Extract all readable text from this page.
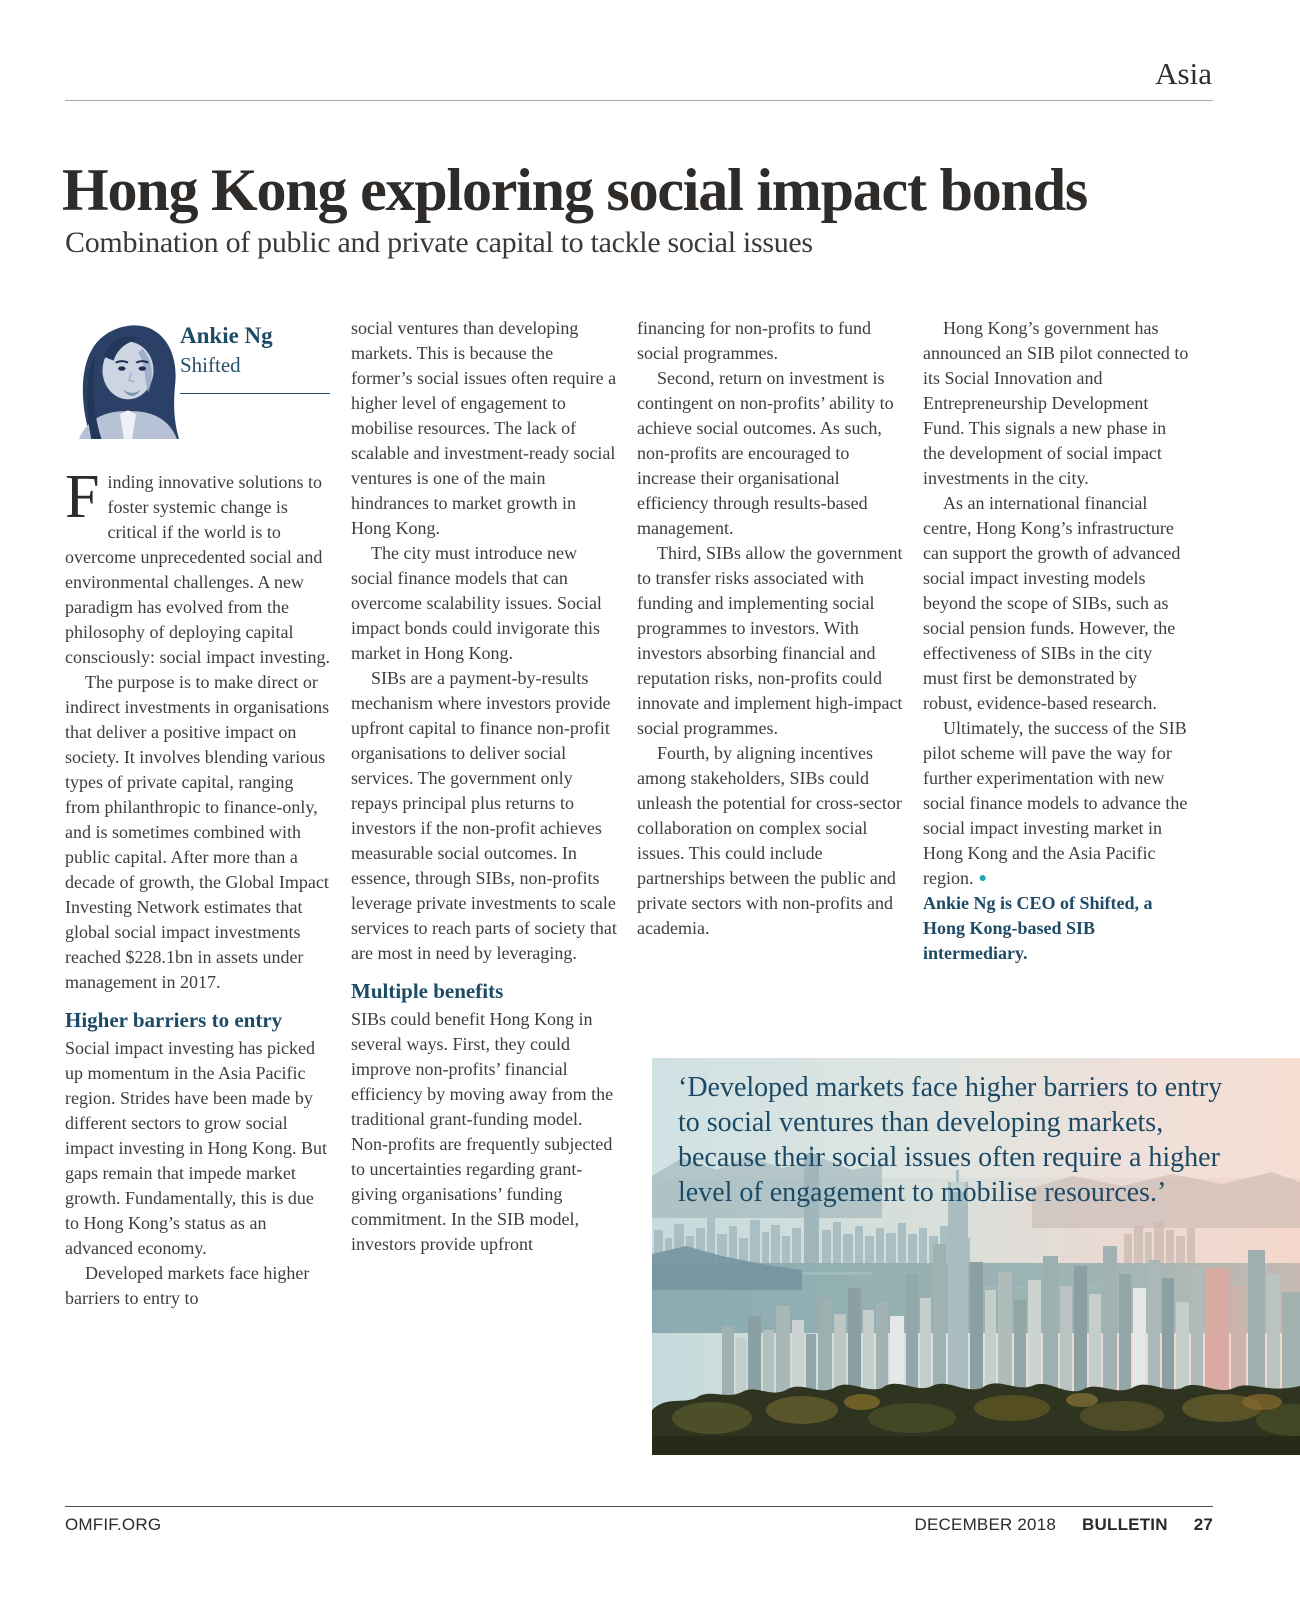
Asia
Hong Kong exploring social impact bonds
Combination of public and private capital to tackle social issues
Ankie Ng
Shifted

Finding innovative solutions to foster systemic change is critical if the world is to overcome unprecedented social and environmental challenges. A new paradigm has evolved from the philosophy of deploying capital consciously: social impact investing.

The purpose is to make direct or indirect investments in organisations that deliver a positive impact on society. It involves blending various types of private capital, ranging from philanthropic to finance-only, and is sometimes combined with public capital. After more than a decade of growth, the Global Impact Investing Network estimates that global social impact investments reached $228.1bn in assets under management in 2017.

Higher barriers to entry

Social impact investing has picked up momentum in the Asia Pacific region. Strides have been made by different sectors to grow social impact investing in Hong Kong. But gaps remain that impede market growth. Fundamentally, this is due to Hong Kong’s status as an advanced economy.

Developed markets face higher barriers to entry to

social ventures than developing markets. This is because the former’s social issues often require a higher level of engagement to mobilise resources. The lack of scalable and investment-ready social ventures is one of the main hindrances to market growth in Hong Kong.

The city must introduce new social finance models that can overcome scalability issues. Social impact bonds could invigorate this market in Hong Kong.

SIBs are a payment-by-results mechanism where investors provide upfront capital to finance non-profit organisations to deliver social services. The government only repays principal plus returns to investors if the non-profit achieves measurable social outcomes. In essence, through SIBs, non-profits leverage private investments to scale services to reach parts of society that are most in need by leveraging.

Multiple benefits

SIBs could benefit Hong Kong in several ways. First, they could improve non-profits’ financial efficiency by moving away from the traditional grant-funding model. Non-profits are frequently subjected to uncertainties regarding grant-giving organisations’ funding commitment. In the SIB model, investors provide upfront

financing for non-profits to fund social programmes.

Second, return on investment is contingent on non-profits’ ability to achieve social outcomes. As such, non-profits are encouraged to increase their organisational efficiency through results-based management.

Third, SIBs allow the government to transfer risks associated with funding and implementing social programmes to investors. With investors absorbing financial and reputation risks, non-profits could innovate and implement high-impact social programmes.

Fourth, by aligning incentives among stakeholders, SIBs could unleash the potential for cross-sector collaboration on complex social issues. This could include partnerships between the public and private sectors with non-profits and academia.

Hong Kong’s government has announced an SIB pilot connected to its Social Innovation and Entrepreneurship Development Fund. This signals a new phase in the development of social impact investments in the city.

As an international financial centre, Hong Kong’s infrastructure can support the growth of advanced social impact investing models beyond the scope of SIBs, such as social pension funds. However, the effectiveness of SIBs in the city must first be demonstrated by robust, evidence-based research.

Ultimately, the success of the SIB pilot scheme will pave the way for further experimentation with new social finance models to advance the social impact investing market in Hong Kong and the Asia Pacific region. ●

Ankie Ng is CEO of Shifted, a Hong Kong-based SIB intermediary.

‘Developed markets face higher barriers to entry to social ventures than developing markets, because their social issues often require a higher level of engagement to mobilise resources.’
OMFIF.ORG	DECEMBER 2018 BULLETIN 27
